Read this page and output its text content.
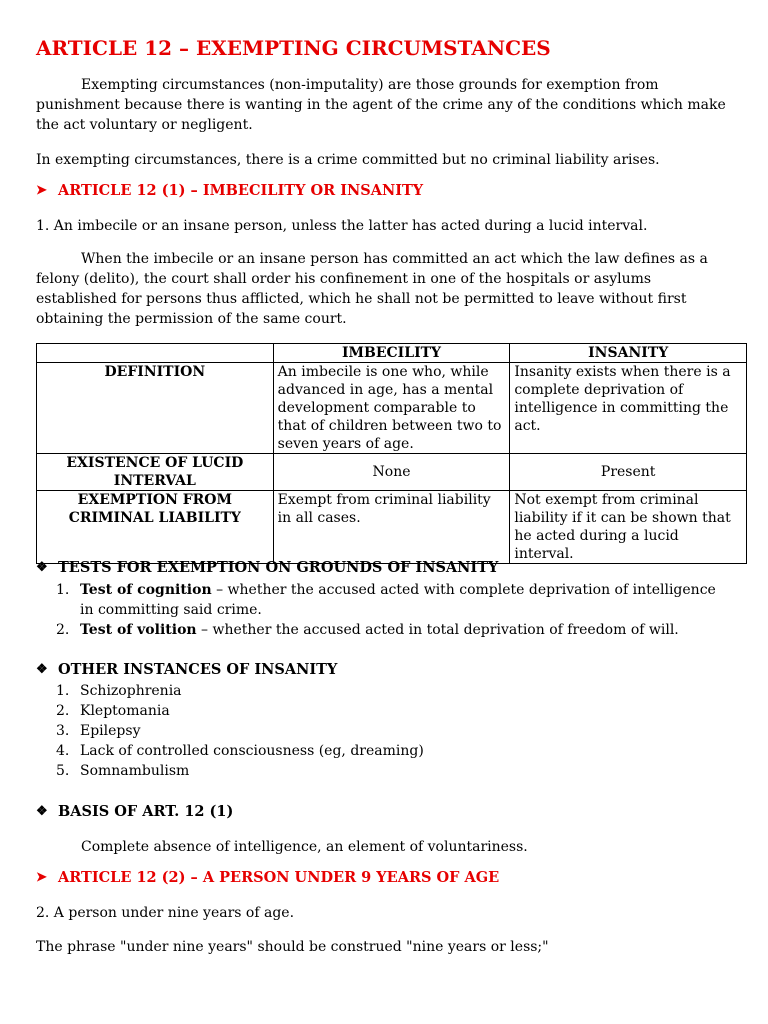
ARTICLE 12 – EXEMPTING CIRCUMSTANCES
Exempting circumstances (non-imputality) are those grounds for exemption from punishment because there is wanting in the agent of the crime any of the conditions which make the act voluntary or negligent.
In exempting circumstances, there is a crime committed but no criminal liability arises.
➤ ARTICLE 12 (1) – IMBECILITY OR INSANITY
1. An imbecile or an insane person, unless the latter has acted during a lucid interval.
When the imbecile or an insane person has committed an act which the law defines as a felony (delito), the court shall order his confinement in one of the hospitals or asylums established for persons thus afflicted, which he shall not be permitted to leave without first obtaining the permission of the same court.
	IMBECILITY	INSANITY
DEFINITION	An imbecile is one who, while advanced in age, has a mental development comparable to that of children between two to seven years of age.	Insanity exists when there is a complete deprivation of intelligence in committing the act.
EXISTENCE OF LUCID INTERVAL	None	Present
EXEMPTION FROM CRIMINAL LIABILITY	Exempt from criminal liability in all cases.	Not exempt from criminal liability if it can be shown that he acted during a lucid interval.
❖ TESTS FOR EXEMPTION ON GROUNDS OF INSANITY
1. Test of cognition – whether the accused acted with complete deprivation of intelligence in committing said crime.
2. Test of volition – whether the accused acted in total deprivation of freedom of will.
❖ OTHER INSTANCES OF INSANITY
1. Schizophrenia
2. Kleptomania
3. Epilepsy
4. Lack of controlled consciousness (eg, dreaming)
5. Somnambulism
❖ BASIS OF ART. 12 (1)
Complete absence of intelligence, an element of voluntariness.
➤ ARTICLE 12 (2) – A PERSON UNDER 9 YEARS OF AGE
2. A person under nine years of age.
The phrase "under nine years" should be construed "nine years or less;"
